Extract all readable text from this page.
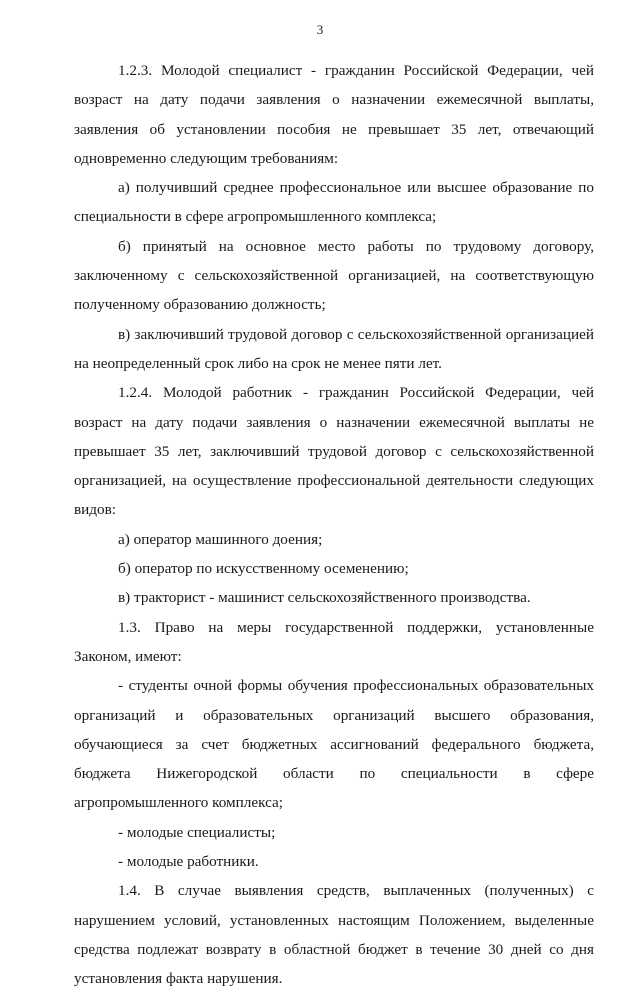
3

1.2.3. Молодой специалист - гражданин Российской Федерации, чей возраст на дату подачи заявления о назначении ежемесячной выплаты, заявления об установлении пособия не превышает 35 лет, отвечающий одновременно следующим требованиям:

а) получивший среднее профессиональное или высшее образование по специальности в сфере агропромышленного комплекса;

б) принятый на основное место работы по трудовому договору, заключенному с сельскохозяйственной организацией, на соответствующую полученному образованию должность;

в) заключивший трудовой договор с сельскохозяйственной организацией на неопределенный срок либо на срок не менее пяти лет.

1.2.4. Молодой работник - гражданин Российской Федерации, чей возраст на дату подачи заявления о назначении ежемесячной выплаты не превышает 35 лет, заключивший трудовой договор с сельскохозяйственной организацией, на осуществление профессиональной деятельности следующих видов:

а) оператор машинного доения;

б) оператор по искусственному осеменению;

в) тракторист - машинист сельскохозяйственного производства.

1.3. Право на меры государственной поддержки, установленные Законом, имеют:

- студенты очной формы обучения профессиональных образовательных организаций и образовательных организаций высшего образования, обучающиеся за счет бюджетных ассигнований федерального бюджета, бюджета Нижегородской области по специальности в сфере агропромышленного комплекса;

- молодые специалисты;

- молодые работники.

1.4. В случае выявления средств, выплаченных (полученных) с нарушением условий, установленных настоящим Положением, выделенные средства подлежат возврату в областной бюджет в течение 30 дней со дня установления факта нарушения.
